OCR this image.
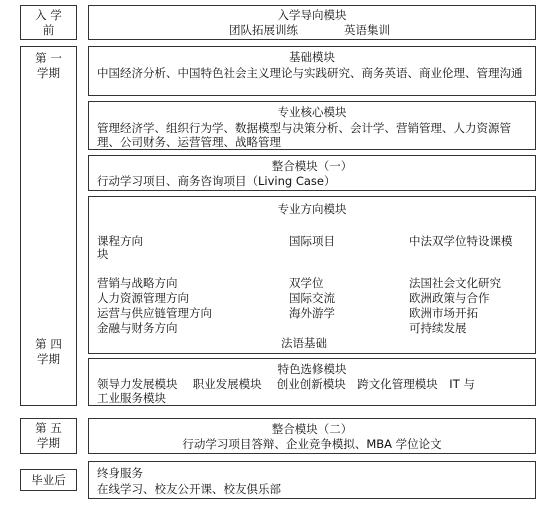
入 学
前
第 一
学期
第 四
学期
第 五
学期
毕业后
入学导向模块
团队拓展训练	英语集训
基础模块
中国经济分析、中国特色社会主义理论与实践研究、商务英语、商业伦理、管理沟通
专业核心模块
管理经济学、组织行为学、数据模型与决策分析、会计学、营销管理、人力资源管理、公司财务、运营管理、战略管理
整合模块（一）
行动学习项目、商务咨询项目（Living Case）
专业方向模块
课程方向
块
国际项目	中法双学位特设课模
营销与战略方向
人力资源管理方向
运营与供应链管理方向
金融与财务方向
双学位
国际交流
海外游学
法国社会文化研究
欧洲政策与合作
欧洲市场开拓
可持续发展
法语基础
特色选修模块
领导力发展模块　 职业发展模块　 创业创新模块　跨文化管理模块　IT 与
工业服务模块
整合模块（二）
行动学习项目答辩、企业竞争模拟、MBA 学位论文
终身服务
在线学习、校友公开课、校友俱乐部
